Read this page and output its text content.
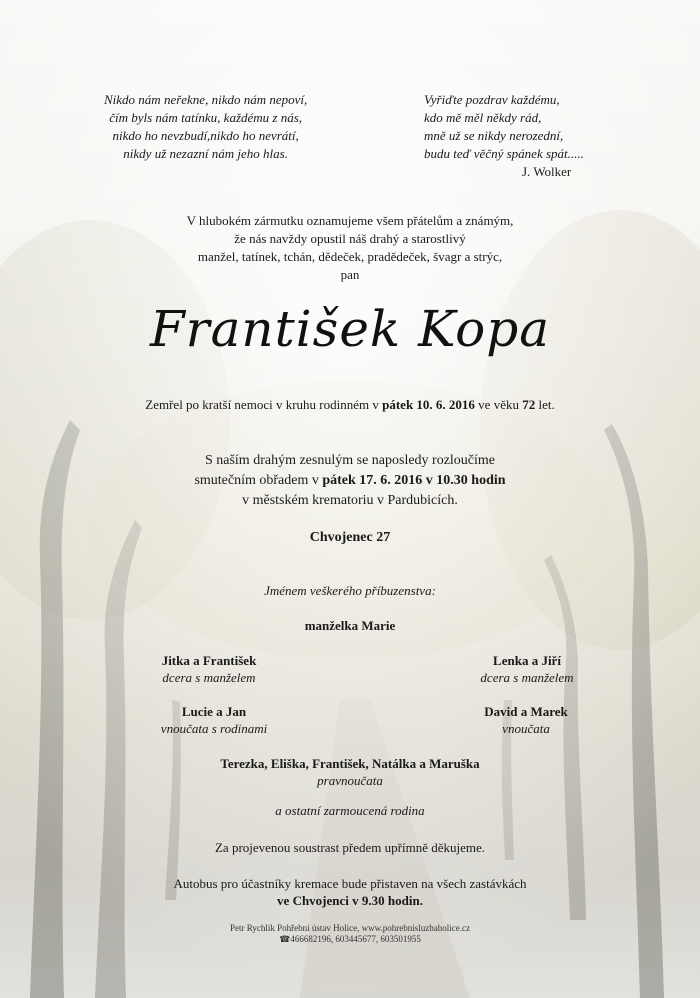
Nikdo nám neřekne, nikdo nám nepoví,
čím byls nám tatínku, každému z nás,
nikdo ho nevzbudí,nikdo ho nevrátí,
nikdy už nezazní nám jeho hlas.
Vyřiďte pozdrav každému,
kdo mě měl někdy rád,
mně už se nikdy nerozední,
budu teď věčný spánek spát.....
J. Wolker
V hlubokém zármutku oznamujeme všem přátelům a známým,
že nás navždy opustil náš drahý a starostlivý
manžel, tatínek, tchán, dědeček, pradědeček, švagr a strýc,
pan
František Kopa
Zemřel po kratší nemoci v kruhu rodinném v pátek 10. 6. 2016 ve věku 72 let.
S naším drahým zesnulým se naposledy rozloučíme
smutečním obřadem v pátek 17. 6. 2016 v 10.30 hodin
v městském krematoriu v Pardubicích.
Chvojenec 27
Jménem veškerého příbuzenstva:
manželka Marie
Jitka a František
dcera s manželem
Lenka a Jiří
dcera s manželem
Lucie a Jan
vnoučata s rodinami
David a Marek
vnoučata
Terezka, Eliška, František, Natálka a Maruška
pravnoučata
a ostatní zarmoucená rodina
Za projevenou soustrast předem upřímně děkujeme.
Autobus pro účastníky kremace bude přistaven na všech zastávkách
ve Chvojenci v 9.30 hodin.
Petr Rychlík Pohřební ústav Holice, www.pohrebnisluzbaholice.cz
☎466682196, 603445677, 603501955
